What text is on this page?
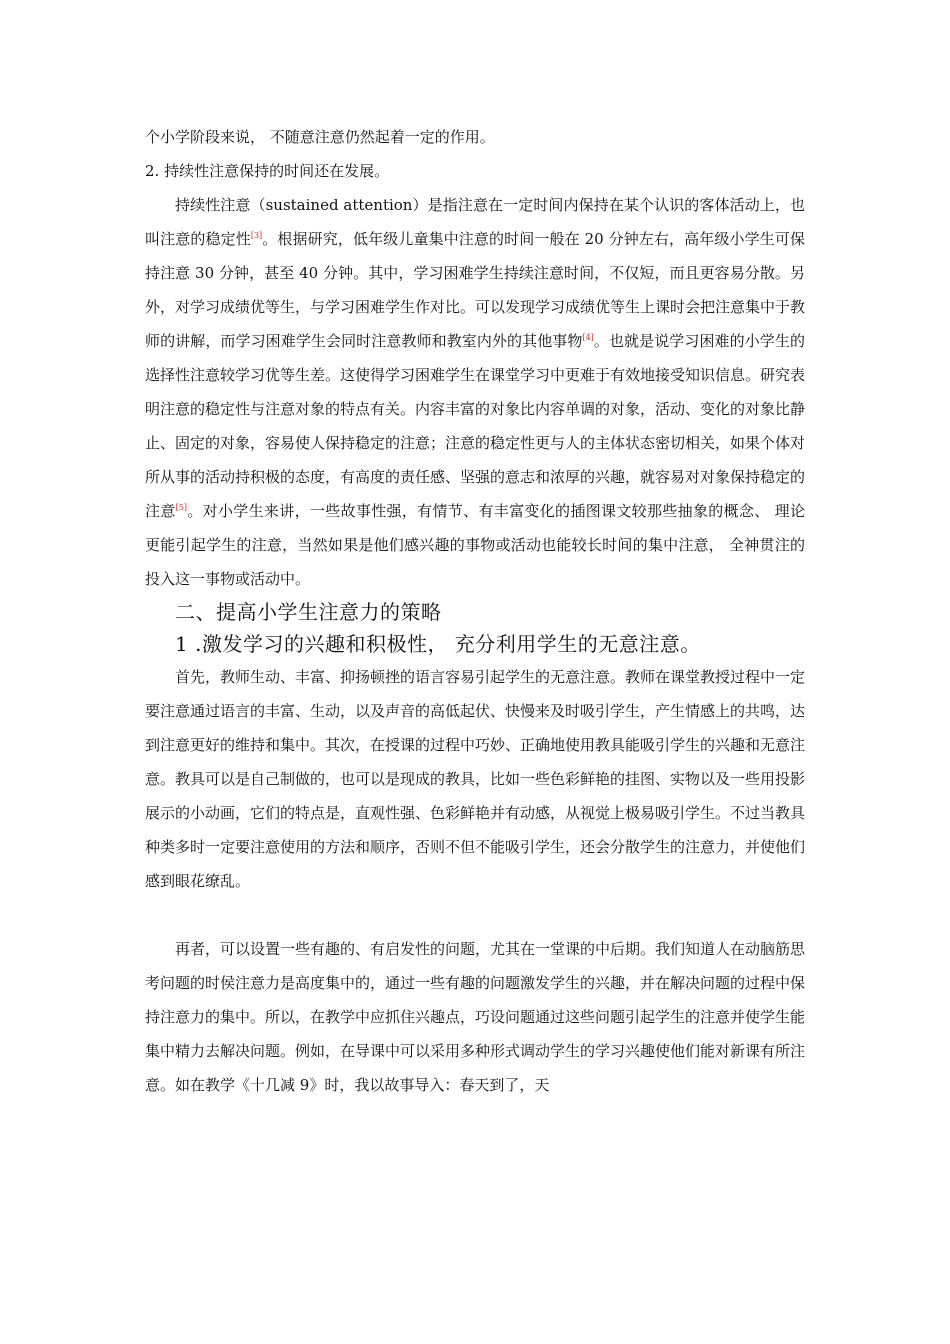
个小学阶段来说， 不随意注意仍然起着一定的作用。

2. 持续性注意保持的时间还在发展。

持续性注意（sustained attention）是指注意在一定时间内保持在某个认识的客体活动上，也叫注意的稳定性[3]。根据研究，低年级儿童集中注意的时间一般在 20 分钟左右，高年级小学生可保持注意 30 分钟，甚至 40 分钟。其中，学习困难学生持续注意时间，不仅短，而且更容易分散。另外，对学习成绩优等生，与学习困难学生作对比。可以发现学习成绩优等生上课时会把注意集中于教师的讲解，而学习困难学生会同时注意教师和教室内外的其他事物[4]。也就是说学习困难的小学生的选择性注意较学习优等生差。这使得学习困难学生在课堂学习中更难于有效地接受知识信息。研究表明注意的稳定性与注意对象的特点有关。内容丰富的对象比内容单调的对象，活动、变化的对象比静止、固定的对象，容易使人保持稳定的注意；注意的稳定性更与人的主体状态密切相关，如果个体对所从事的活动持积极的态度，有高度的责任感、坚强的意志和浓厚的兴趣，就容易对对象保持稳定的注意[5]。对小学生来讲，一些故事性强，有情节、有丰富变化的插图课文较那些抽象的概念、 理论更能引起学生的注意，当然如果是他们感兴趣的事物或活动也能较长时间的集中注意， 全神贯注的投入这一事物或活动中。

二、提高小学生注意力的策略
1 .激发学习的兴趣和积极性， 充分利用学生的无意注意。

首先，教师生动、丰富、抑扬顿挫的语言容易引起学生的无意注意。教师在课堂教授过程中一定要注意通过语言的丰富、生动，以及声音的高低起伏、快慢来及时吸引学生，产生情感上的共鸣，达到注意更好的维持和集中。其次，在授课的过程中巧妙、正确地使用教具能吸引学生的兴趣和无意注意。教具可以是自己制做的，也可以是现成的教具，比如一些色彩鲜艳的挂图、实物以及一些用投影展示的小动画，它们的特点是，直观性强、色彩鲜艳并有动感，从视觉上极易吸引学生。不过当教具种类多时一定要注意使用的方法和顺序，否则不但不能吸引学生，还会分散学生的注意力，并使他们感到眼花缭乱。

再者，可以设置一些有趣的、有启发性的问题，尤其在一堂课的中后期。我们知道人在动脑筋思考问题的时侯注意力是高度集中的，通过一些有趣的问题激发学生的兴趣，并在解决问题的过程中保持注意力的集中。所以，在教学中应抓住兴趣点，巧设问题通过这些问题引起学生的注意并使学生能集中精力去解决问题。例如，在导课中可以采用多种形式调动学生的学习兴趣使他们能对新课有所注意。如在教学《十几减 9》时，我以故事导入：春天到了，天
